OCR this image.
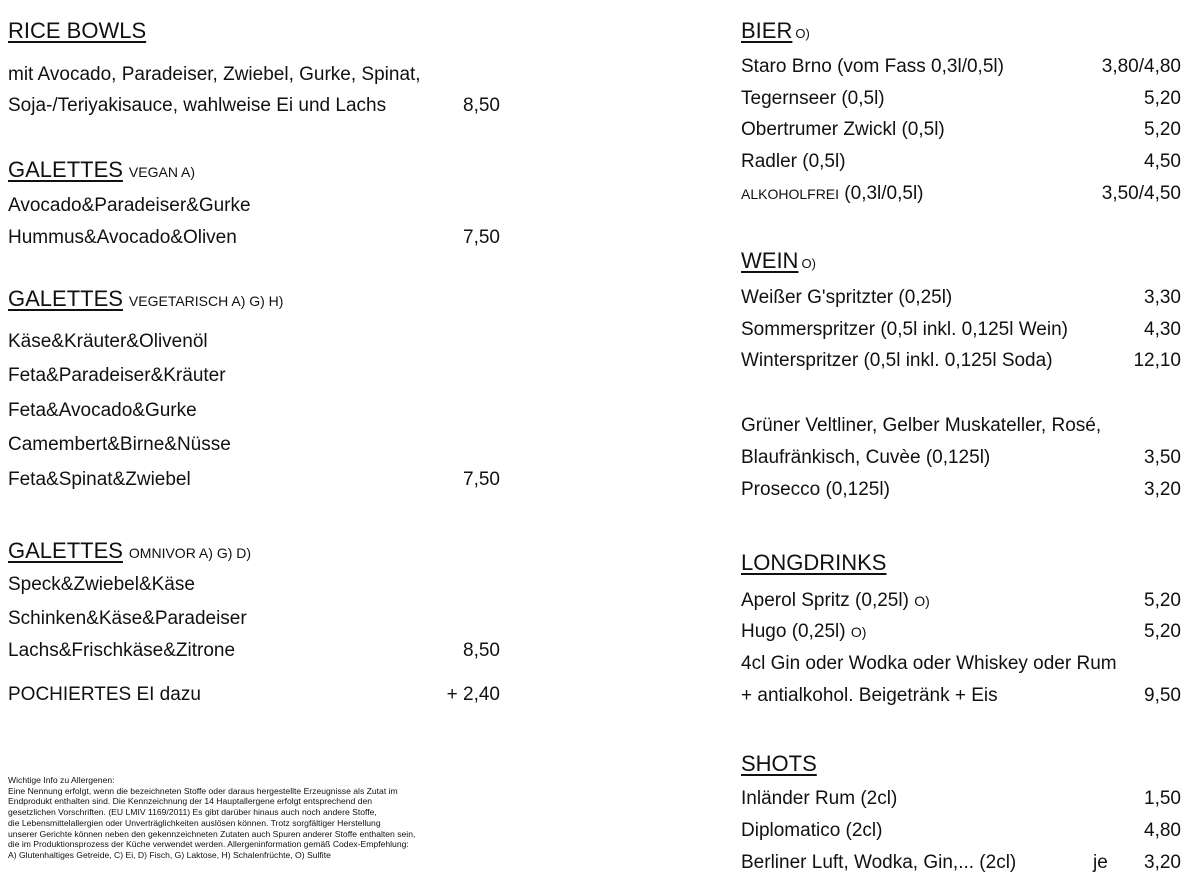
RICE BOWLS
mit Avocado, Paradeiser, Zwiebel, Gurke, Spinat,
Soja-/Teriyakisauce, wahlweise Ei und Lachs	8,50
GALETTES VEGAN A)
Avocado&Paradeiser&Gurke
Hummus&Avocado&Oliven	7,50
GALETTES VEGETARISCH A) G) H)
Käse&Kräuter&Olivenöl
Feta&Paradeiser&Kräuter
Feta&Avocado&Gurke
Camembert&Birne&Nüsse
Feta&Spinat&Zwiebel	7,50
GALETTES OMNIVOR A) G) D)
Speck&Zwiebel&Käse
Schinken&Käse&Paradeiser
Lachs&Frischkäse&Zitrone	8,50
POCHIERTES EI dazu	+ 2,40
Wichtige Info zu Allergenen:
Eine Nennung erfolgt, wenn die bezeichneten Stoffe oder daraus hergestellte Erzeugnisse als Zutat im
Endprodukt enthalten sind. Die Kennzeichnung der 14 Hauptallergene erfolgt entsprechend den
gesetzlichen Vorschriften. (EU LMIV 1169/2011) Es gibt darüber hinaus auch noch andere Stoffe,
die Lebensmittelallergien oder Unverträglichkeiten auslösen können. Trotz sorgfältiger Herstellung
unserer Gerichte können neben den gekennzeichneten Zutaten auch Spuren anderer Stoffe enthalten sein,
die im Produktionsprozess der Küche verwendet werden. Allergeninformation gemäß Codex-Empfehlung:
A) Glutenhaltiges Getreide, C) Ei, D) Fisch, G) Laktose, H) Schalenfrüchte, O) Sulfite
BIER O)
Staro Brno (vom Fass 0,3l/0,5l)	3,80/4,80
Tegernseer (0,5l)	5,20
Obertrumer Zwickl (0,5l)	5,20
Radler (0,5l)	4,50
ALKOHOLFREI (0,3l/0,5l)	3,50/4,50
WEIN O)
Weißer G'spritzter (0,25l)	3,30
Sommerspritzer (0,5l inkl. 0,125l Wein)	4,30
Winterspritzer (0,5l inkl. 0,125l Soda)	12,10
Grüner Veltliner, Gelber Muskateller, Rosé,
Blaufränkisch, Cuvèe (0,125l)	3,50
Prosecco (0,125l)	3,20
LONGDRINKS
Aperol Spritz (0,25l) O)	5,20
Hugo (0,25l) O)	5,20
4cl Gin oder Wodka oder Whiskey oder Rum
+ antialkohol. Beigetränk + Eis	9,50
SHOTS
Inländer Rum (2cl)	1,50
Diplomatico (2cl)	4,80
Berliner Luft, Wodka, Gin,... (2cl)	je 3,20
